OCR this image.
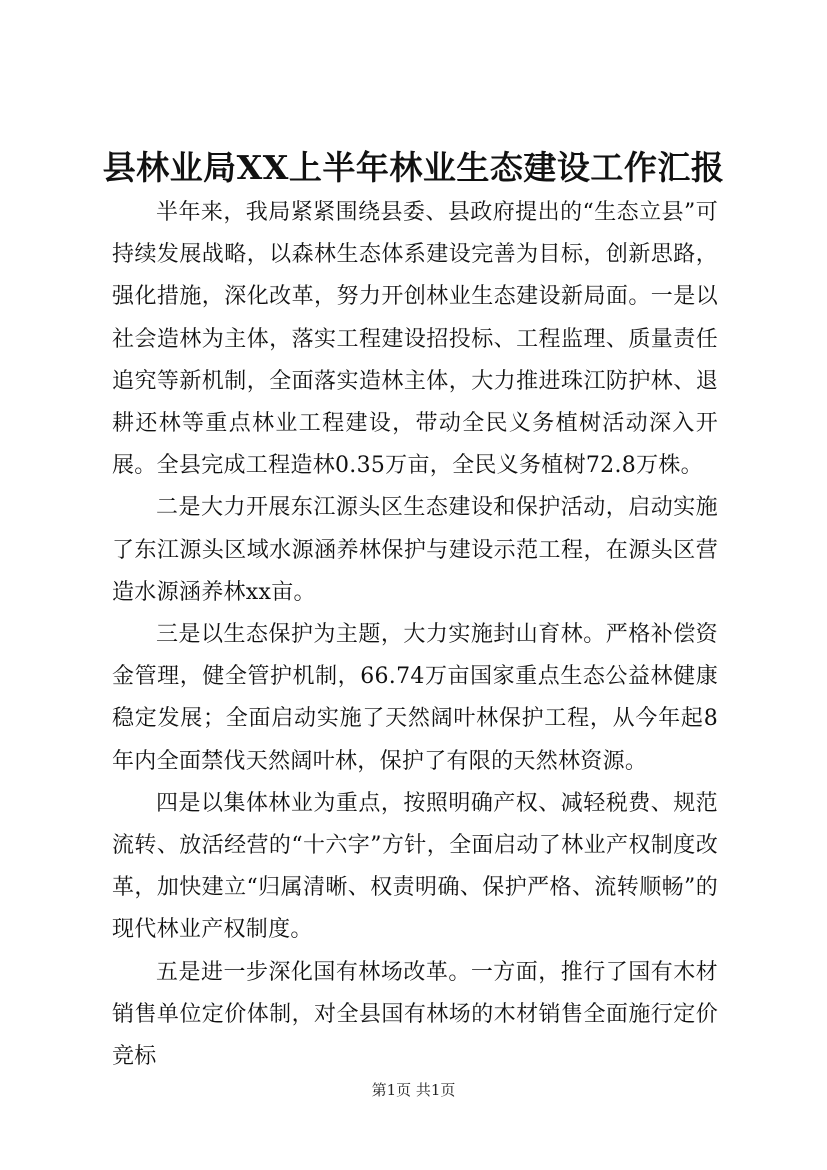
县林业局XX上半年林业生态建设工作汇报

半年来，我局紧紧围绕县委、县政府提出的“生态立县”可持续发展战略，以森林生态体系建设完善为目标，创新思路，强化措施，深化改革，努力开创林业生态建设新局面。一是以社会造林为主体，落实工程建设招投标、工程监理、质量责任追究等新机制，全面落实造林主体，大力推进珠江防护林、退耕还林等重点林业工程建设，带动全民义务植树活动深入开展。全县完成工程造林0.35万亩，全民义务植树72.8万株。

二是大力开展东江源头区生态建设和保护活动，启动实施了东江源头区域水源涵养林保护与建设示范工程，在源头区营造水源涵养林xx亩。

三是以生态保护为主题，大力实施封山育林。严格补偿资金管理，健全管护机制，66.74万亩国家重点生态公益林健康稳定发展；全面启动实施了天然阔叶林保护工程，从今年起8年内全面禁伐天然阔叶林，保护了有限的天然林资源。

四是以集体林业为重点，按照明确产权、减轻税费、规范流转、放活经营的“十六字”方针，全面启动了林业产权制度改革，加快建立“归属清晰、权责明确、保护严格、流转顺畅”的现代林业产权制度。

五是进一步深化国有林场改革。一方面，推行了国有木材销售单位定价体制，对全县国有林场的木材销售全面施行定价竞标

第1页 共1页
